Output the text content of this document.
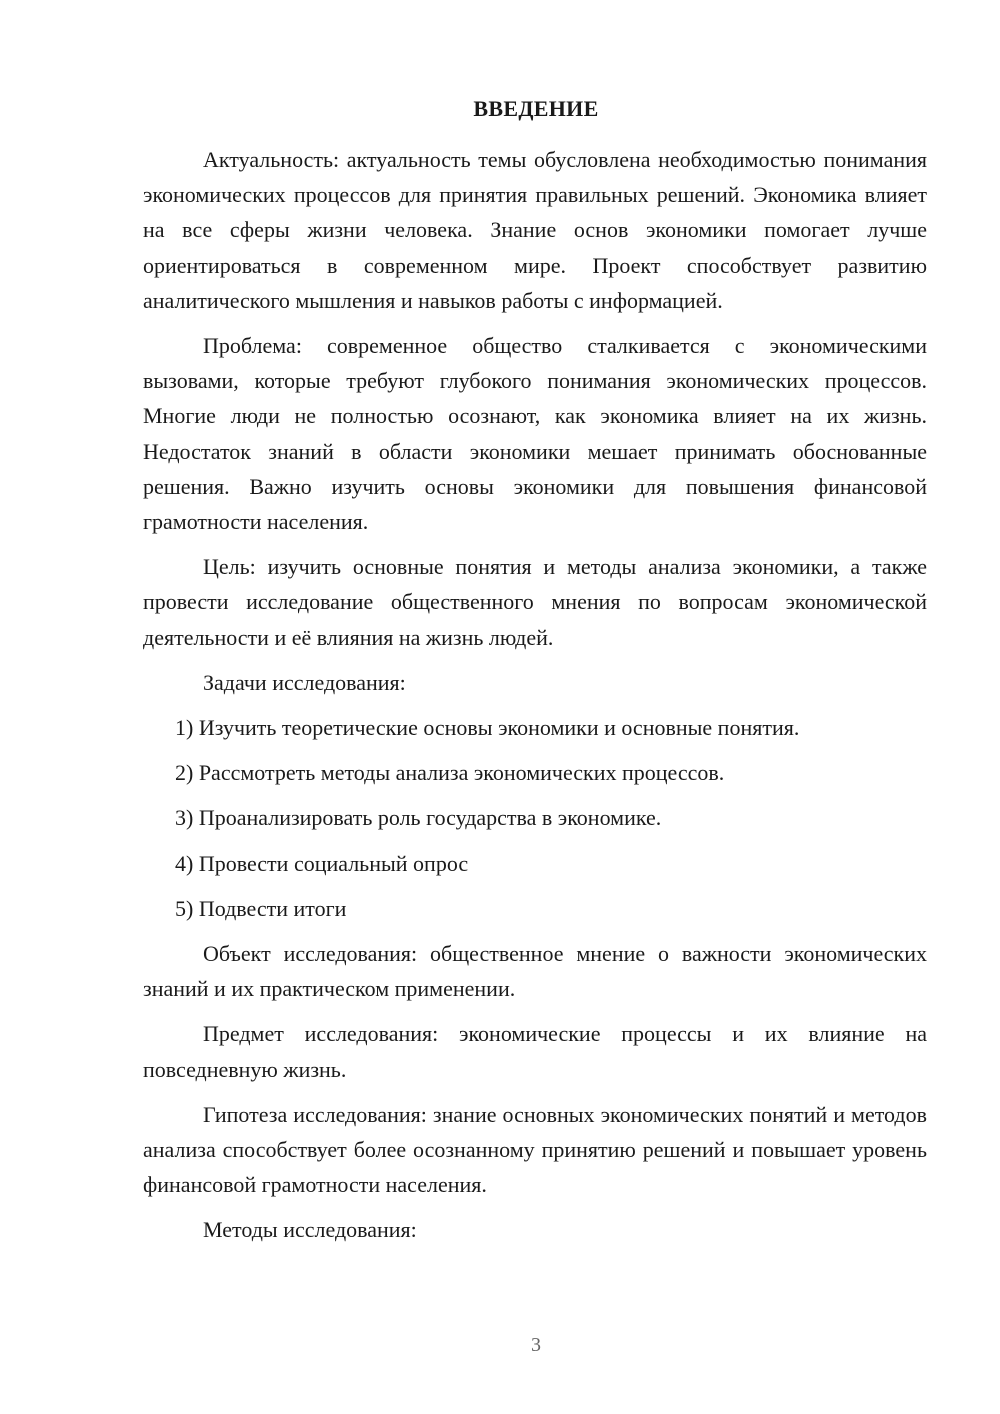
ВВЕДЕНИЕ

Актуальность: актуальность темы обусловлена необходимостью понимания экономических процессов для принятия правильных решений. Экономика влияет на все сферы жизни человека. Знание основ экономики помогает лучше ориентироваться в современном мире. Проект способствует развитию аналитического мышления и навыков работы с информацией.

Проблема: современное общество сталкивается с экономическими вызовами, которые требуют глубокого понимания экономических процессов. Многие люди не полностью осознают, как экономика влияет на их жизнь. Недостаток знаний в области экономики мешает принимать обоснованные решения. Важно изучить основы экономики для повышения финансовой грамотности населения.

Цель: изучить основные понятия и методы анализа экономики, а также провести исследование общественного мнения по вопросам экономической деятельности и её влияния на жизнь людей.

Задачи исследования:

1) Изучить теоретические основы экономики и основные понятия.
2) Рассмотреть методы анализа экономических процессов.
3) Проанализировать роль государства в экономике.
4) Провести социальный опрос
5) Подвести итоги

Объект исследования: общественное мнение о важности экономических знаний и их практическом применении.

Предмет исследования: экономические процессы и их влияние на повседневную жизнь.

Гипотеза исследования: знание основных экономических понятий и методов анализа способствует более осознанному принятию решений и повышает уровень финансовой грамотности населения.

Методы исследования:

3
